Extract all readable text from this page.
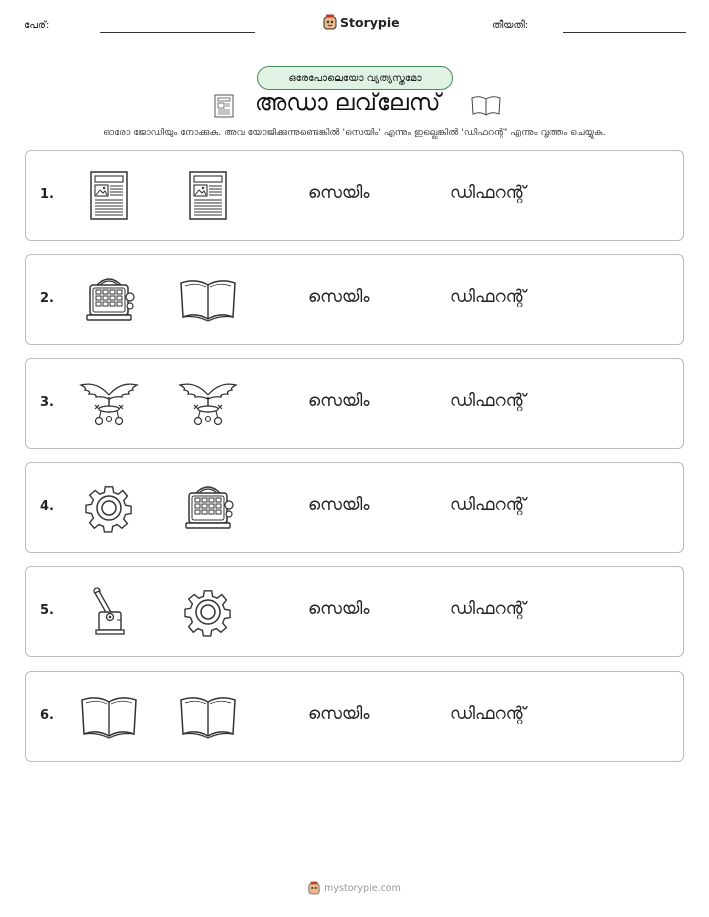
പേര്:	Storypie	തീയതി:
ഒരേപോലെയോ വ്യത്യസ്തമോ
അഡാ ലവ്‌ലേസ്
ഓരോ ജോഡിയും നോക്കുക. അവ യോജിക്കുന്നുണ്ടെങ്കിൽ 'സെയിം' എന്നും ഇല്ലെങ്കിൽ 'ഡിഫറന്റ്' എന്നും വൃത്തം ചെയ്യുക.
1.	സെയിം	ഡിഫറന്റ്
2.	സെയിം	ഡിഫറന്റ്
3.	സെയിം	ഡിഫറന്റ്
4.	സെയിം	ഡിഫറന്റ്
5.	സെയിം	ഡിഫറന്റ്
6.	സെയിം	ഡിഫറന്റ്
mystorypie.com
